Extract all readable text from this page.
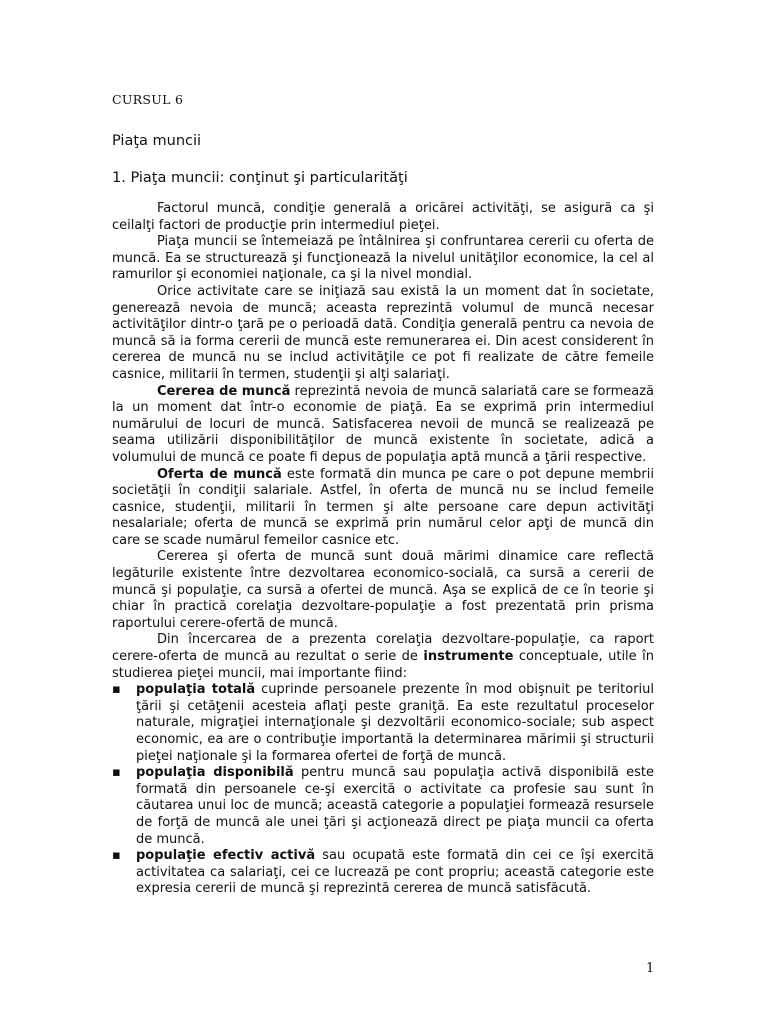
CURSUL 6
Piaţa muncii
1. Piaţa muncii: conţinut şi particularităţi

Factorul muncă, condiţie generală a oricărei activităţi, se asigură ca şi ceilalţi factori de producţie prin intermediul pieţei.

Piaţa muncii se întemeiază pe întâlnirea şi confruntarea cererii cu oferta de muncă. Ea se structurează şi funcţionează la nivelul unităţilor economice, la cel al ramurilor şi economiei naţionale, ca şi la nivel mondial.

Orice activitate care se iniţiază sau există la un moment dat în societate, generează nevoia de muncă; aceasta reprezintă volumul de muncă necesar activităţilor dintr-o ţară pe o perioadă dată. Condiţia generală pentru ca nevoia de muncă să ia forma cererii de muncă este remunerarea ei. Din acest considerent în cererea de muncă nu se includ activităţile ce pot fi realizate de către femeile casnice, militarii în termen, studenţii şi alţi salariaţi.

Cererea de muncă reprezintă nevoia de muncă salariată care se formează la un moment dat într-o economie de piaţă. Ea se exprimă prin intermediul numărului de locuri de muncă. Satisfacerea nevoii de muncă se realizează pe seama utilizării disponibilităţilor de muncă existente în societate, adică a volumului de muncă ce poate fi depus de populaţia aptă muncă a ţării respective.

Oferta de muncă este formată din munca pe care o pot depune membrii societăţii în condiţii salariale. Astfel, în oferta de muncă nu se includ femeile casnice, studenţii, militarii în termen şi alte persoane care depun activităţi nesalariale; oferta de muncă se exprimă prin numărul celor apţi de muncă din care se scade numărul femeilor casnice etc.

Cererea şi oferta de muncă sunt două mărimi dinamice care reflectă legăturile existente între dezvoltarea economico-socială, ca sursă a cererii de muncă şi populaţie, ca sursă a ofertei de muncă. Aşa se explică de ce în teorie şi chiar în practică corelaţia dezvoltare-populaţie a fost prezentată prin prisma raportului cerere-ofertă de muncă.

Din încercarea de a prezenta corelaţia dezvoltare-populaţie, ca raport cerere-oferta de muncă au rezultat o serie de instrumente conceptuale, utile în studierea pieţei muncii, mai importante fiind:

▪ populaţia totală cuprinde persoanele prezente în mod obişnuit pe teritoriul ţării şi cetăţenii acesteia aflaţi peste graniţă. Ea este rezultatul proceselor naturale, migraţiei internaţionale şi dezvoltării economico-sociale; sub aspect economic, ea are o contribuţie importantă la determinarea mărimii şi structurii pieţei naţionale şi la formarea ofertei de forţă de muncă.
▪ populaţia disponibilă pentru muncă sau populaţia activă disponibilă este formată din persoanele ce-şi exercită o activitate ca profesie sau sunt în căutarea unui loc de muncă; această categorie a populaţiei formează resursele de forţă de muncă ale unei ţări şi acţionează direct pe piaţa muncii ca oferta de muncă.
▪ populaţie efectiv activă sau ocupată este formată din cei ce îşi exercită activitatea ca salariaţi, cei ce lucrează pe cont propriu; această categorie este expresia cererii de muncă şi reprezintă cererea de muncă satisfăcută.
1
